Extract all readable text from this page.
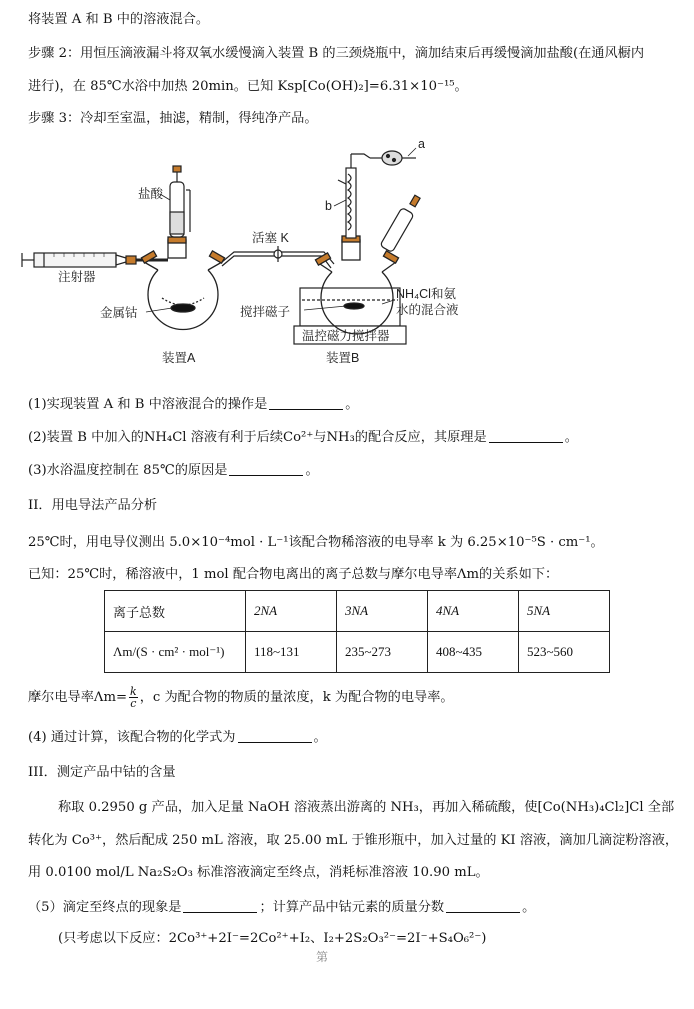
将装置 A 和 B 中的溶液混合。
步骤 2：用恒压滴液漏斗将双氧水缓慢滴入装置 B 的三颈烧瓶中，滴加结束后再缓慢滴加盐酸(在通风橱内
进行)，在 85℃水浴中加热 20min。已知 Ksp[Co(OH)₂]=6.31×10⁻¹⁵。
步骤 3：冷却至室温，抽滤，精制，得纯净产品。
注射器
盐酸
金属钴
装置A
活塞 K
温控磁力搅拌器
b
a
搅拌磁子
NH₄Cl和氨
水的混合液
装置B
(1)实现装置 A 和 B 中溶液混合的操作是	。
(2)装置 B 中加入的NH₄Cl 溶液有利于后续Co²⁺与NH₃的配合反应，其原理是	。
(3)水浴温度控制在 85℃的原因是	。
II．用电导法产品分析
25℃时，用电导仪测出 5.0×10⁻⁴mol · L⁻¹该配合物稀溶液的电导率 k 为 6.25×10⁻⁵S · cm⁻¹。
已知：25℃时，稀溶液中，1 mol 配合物电离出的离子总数与摩尔电导率Λm的关系如下：
离子总数	2NA	3NA	4NA	5NA
Λm/(S · cm² · mol⁻¹)	118~131	235~273	408~435	523~560
摩尔电导率$\Lambda m= \frac{k}{c}$ ，c 为配合物的物质的量浓度，k 为配合物的电导率。
(4) 通过计算，该配合物的化学式为	。
III．测定产品中钴的含量
称取 0.2950 g 产品，加入足量 NaOH 溶液蒸出游离的 NH₃，再加入稀硫酸，使[Co(NH₃)₄Cl₂]Cl 全部
转化为 Co³⁺，然后配成 250 mL 溶液，取 25.00 mL 于锥形瓶中，加入过量的 KI 溶液，滴加几滴淀粉溶液，
用 0.0100 mol/L Na₂S₂O₃ 标准溶液滴定至终点，消耗标准溶液 10.90 mL。
（5）滴定至终点的现象是	；计算产品中钴元素的质量分数	。
(只考虑以下反应：2Co³⁺+2I⁻=2Co²⁺+I₂、I₂+2S₂O₃²⁻=2I⁻+S₄O₆²⁻)
第
